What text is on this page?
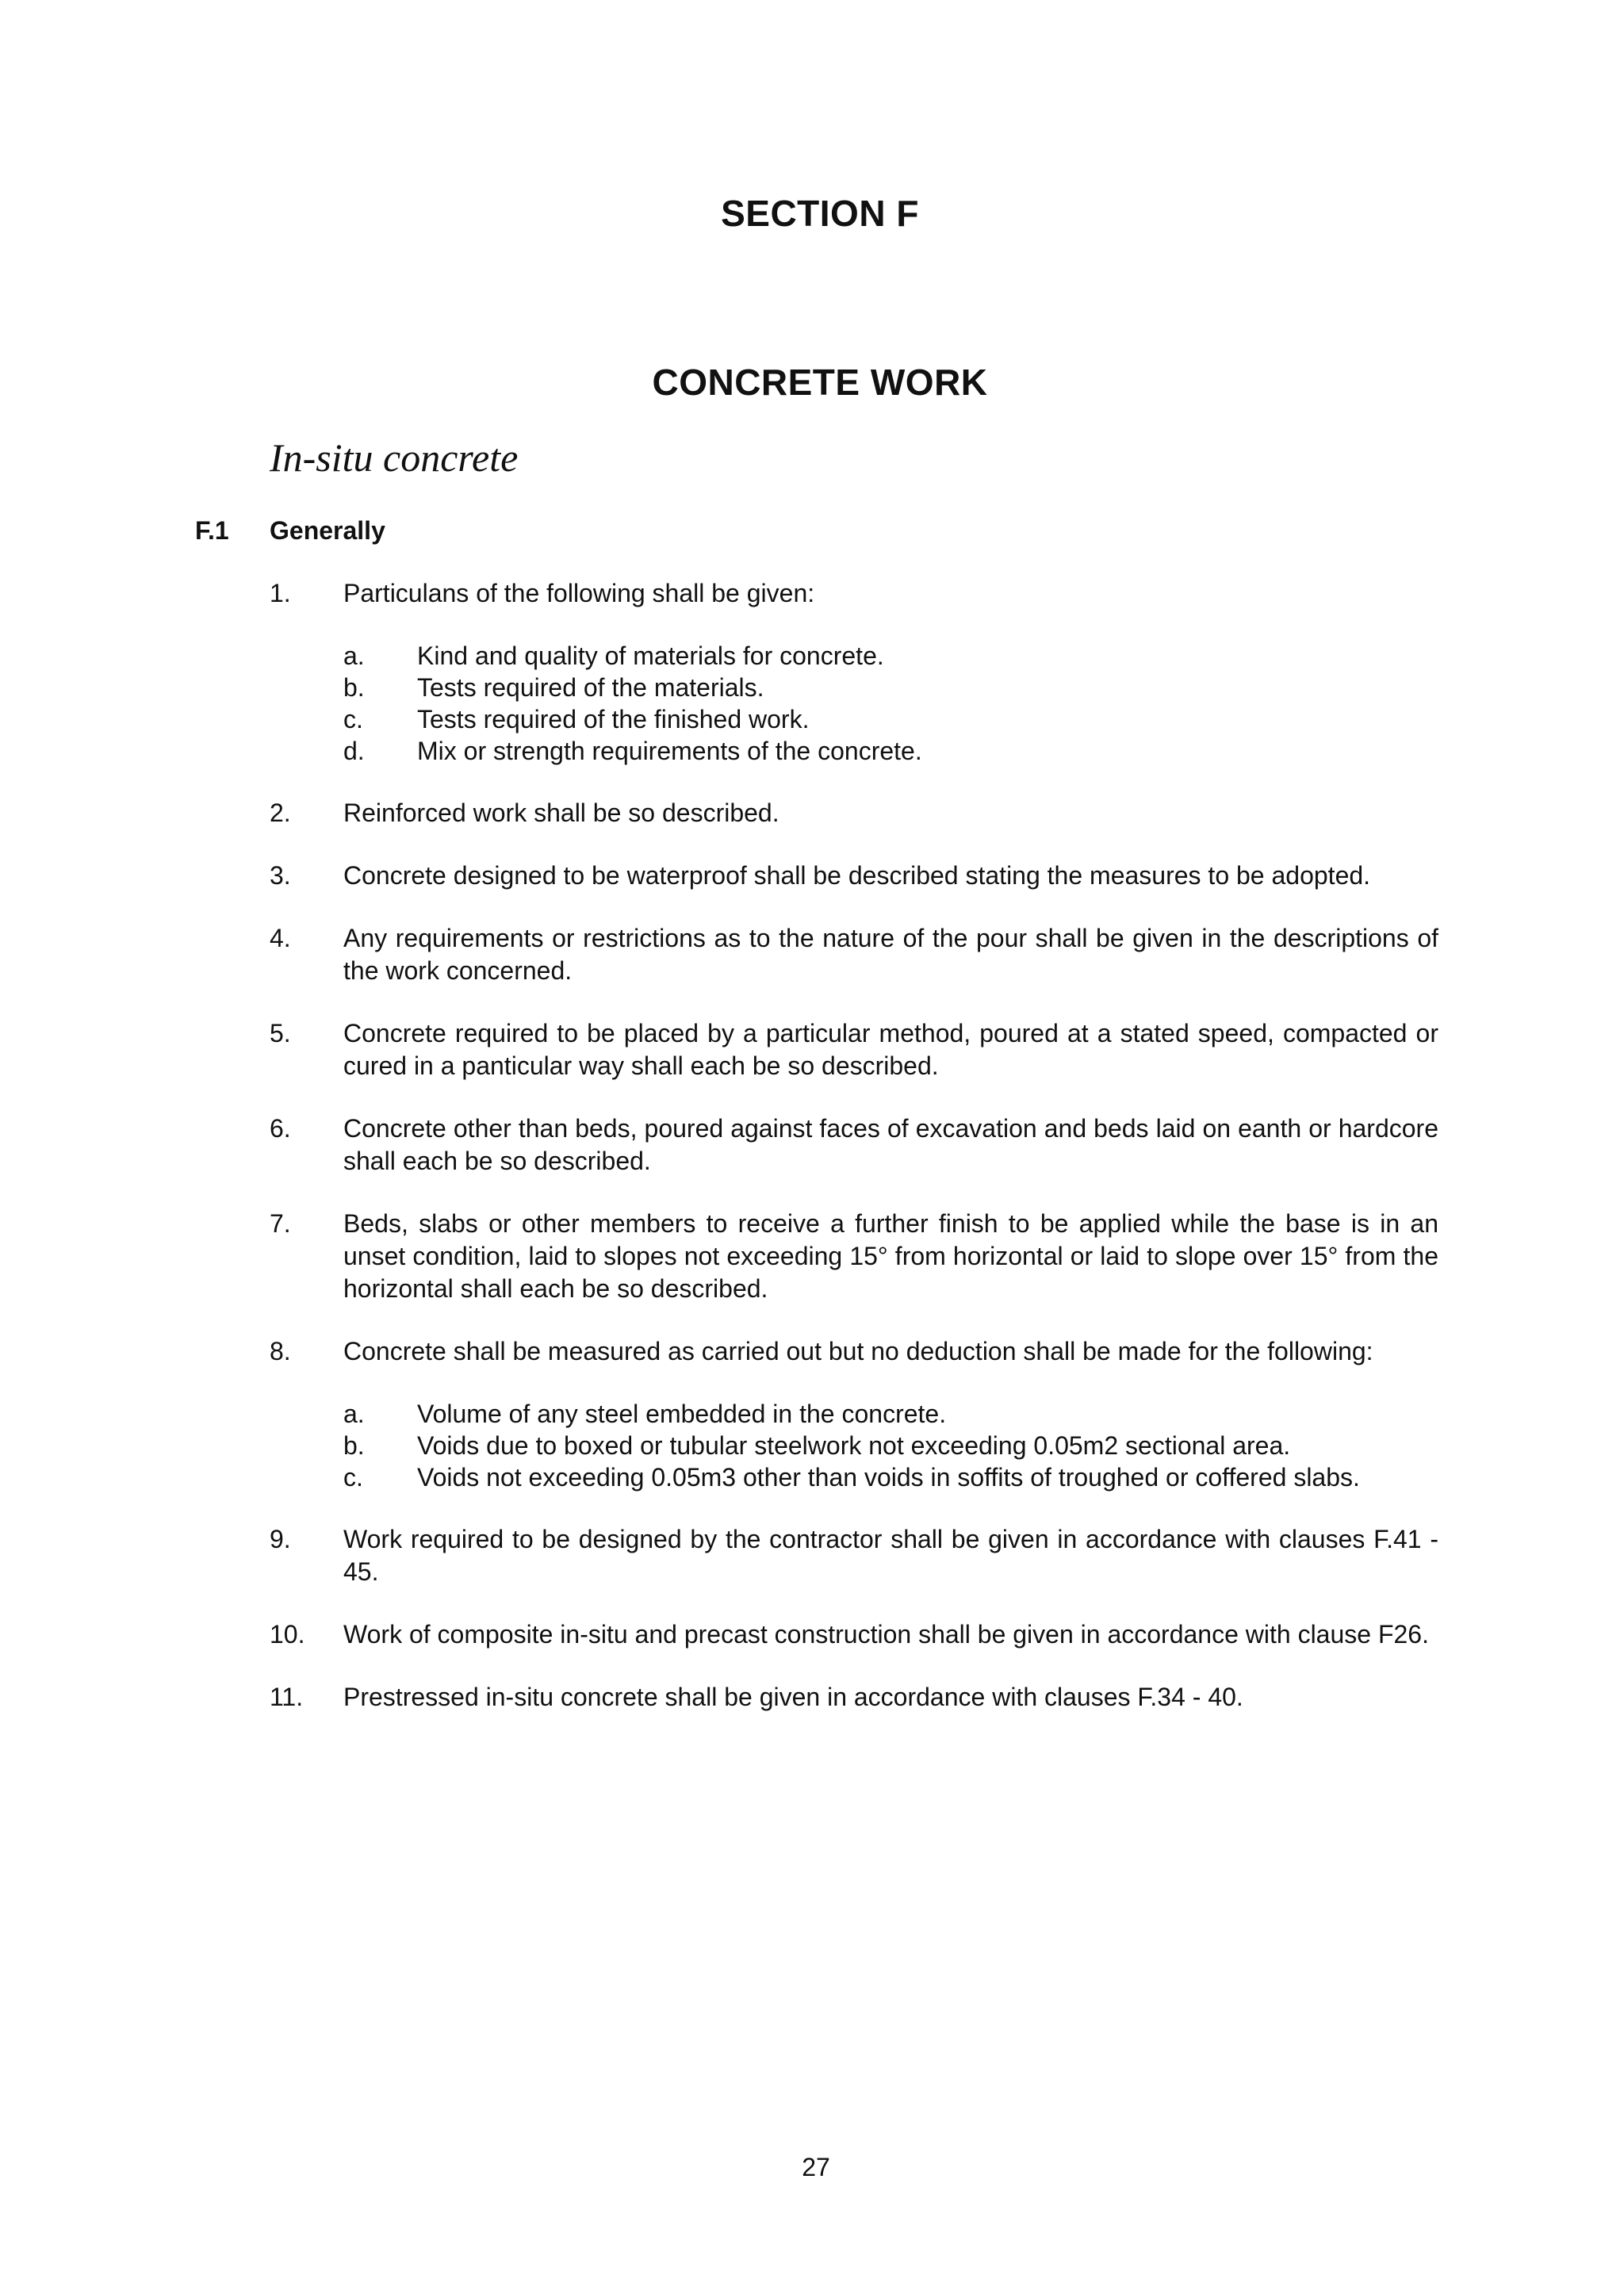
SECTION F
CONCRETE WORK
In-situ concrete
F.1 Generally
1.	Particulans of the following shall be given:
a.	Kind and quality of materials for concrete.
b.	Tests required of the materials.
c.	Tests required of the finished work.
d.	Mix or strength requirements of the concrete.
2.	Reinforced work shall be so described.
3.	Concrete designed to be waterproof shall be described stating the measures to be adopted.
4.	Any requirements or restrictions as to the nature of the pour shall be given in the descriptions of the work concerned.
5.	Concrete required to be placed by a particular method, poured at a stated speed, compacted or cured in a panticular way shall each be so described.
6.	Concrete other than beds, poured against faces of excavation and beds laid on eanth or hardcore shall each be so described.
7.	Beds, slabs or other members to receive a further finish to be applied while the base is in an unset condition, laid to slopes not exceeding 15° from horizontal or laid to slope over 15° from the horizontal shall each be so described.
8.	Concrete shall be measured as carried out but no deduction shall be made for the following:
a.	Volume of any steel embedded in the concrete.
b.	Voids due to boxed or tubular steelwork not exceeding 0.05m2 sectional area.
c.	Voids not exceeding 0.05m3 other than voids in soffits of troughed or coffered slabs.
9.	Work required to be designed by the contractor shall be given in accordance with clauses F.41 - 45.
10.	Work of composite in-situ and precast construction shall be given in accordance with clause F26.
11.	Prestressed in-situ concrete shall be given in accordance with clauses F.34 - 40.
27
